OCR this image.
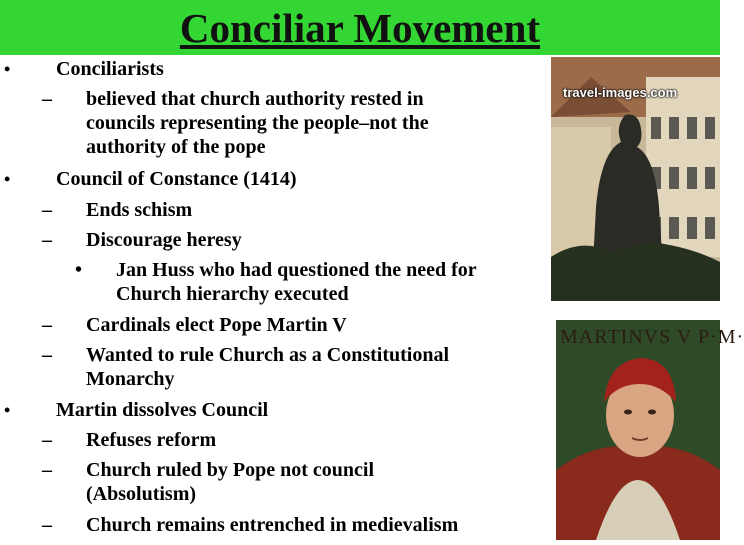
Conciliar Movement
• Conciliarists
– believed that church authority rested in
councils representing the people–not the
authority of the pope
• Council of Constance (1414)
– Ends schism
– Discourage heresy
• Jan Huss who had questioned the need for
Church hierarchy executed
– Cardinals elect Pope Martin V
– Wanted to rule Church as a Constitutional
Monarchy
• Martin dissolves Council
– Refuses reform
– Church ruled by Pope not council
(Absolutism)
– Church remains entrenched in medievalism
travel-images.com
MARTINVS V P·M·
